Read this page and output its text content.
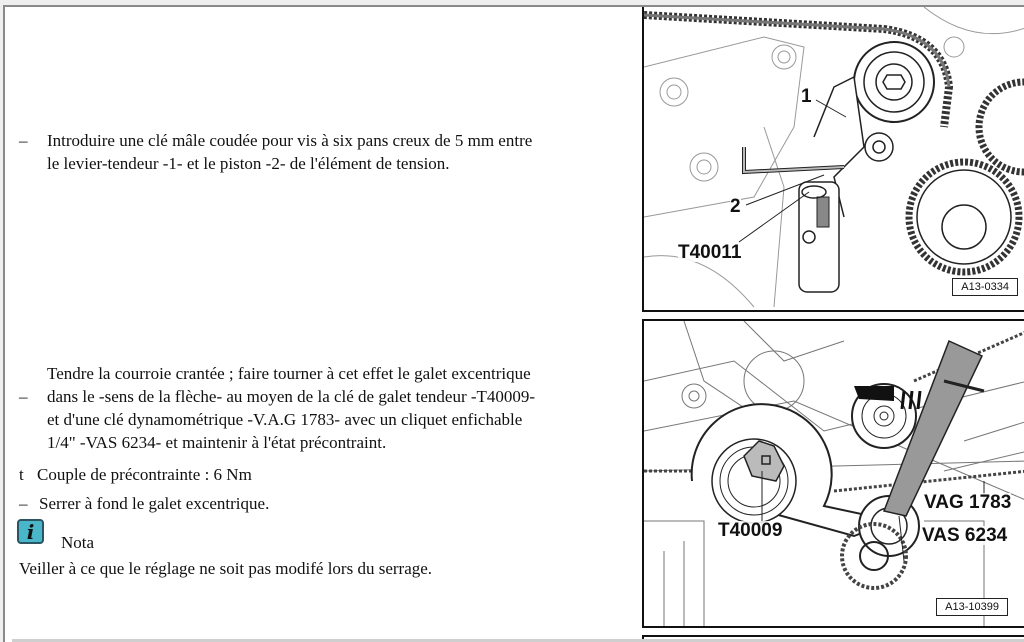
– Introduire une clé mâle coudée pour vis à six pans creux de 5 mm entre
le levier-tendeur -1- et le piston -2- de l'élément de tension.
–
Tendre la courroie crantée ; faire tourner à cet effet le galet excentrique
dans le -sens de la flèche- au moyen de la clé de galet tendeur -T40009-
et d'une clé dynamométrique -V.A.G 1783- avec un cliquet enfichable
1/4" -VAS 6234- et maintenir à l'état précontraint.
t Couple de précontrainte : 6 Nm
– Serrer à fond le galet excentrique.
i Nota
Veiller à ce que le réglage ne soit pas modifé lors du serrage.
1
2
T40011
A13-0334
T40009
VAG 1783
VAS 6234
A13-10399
